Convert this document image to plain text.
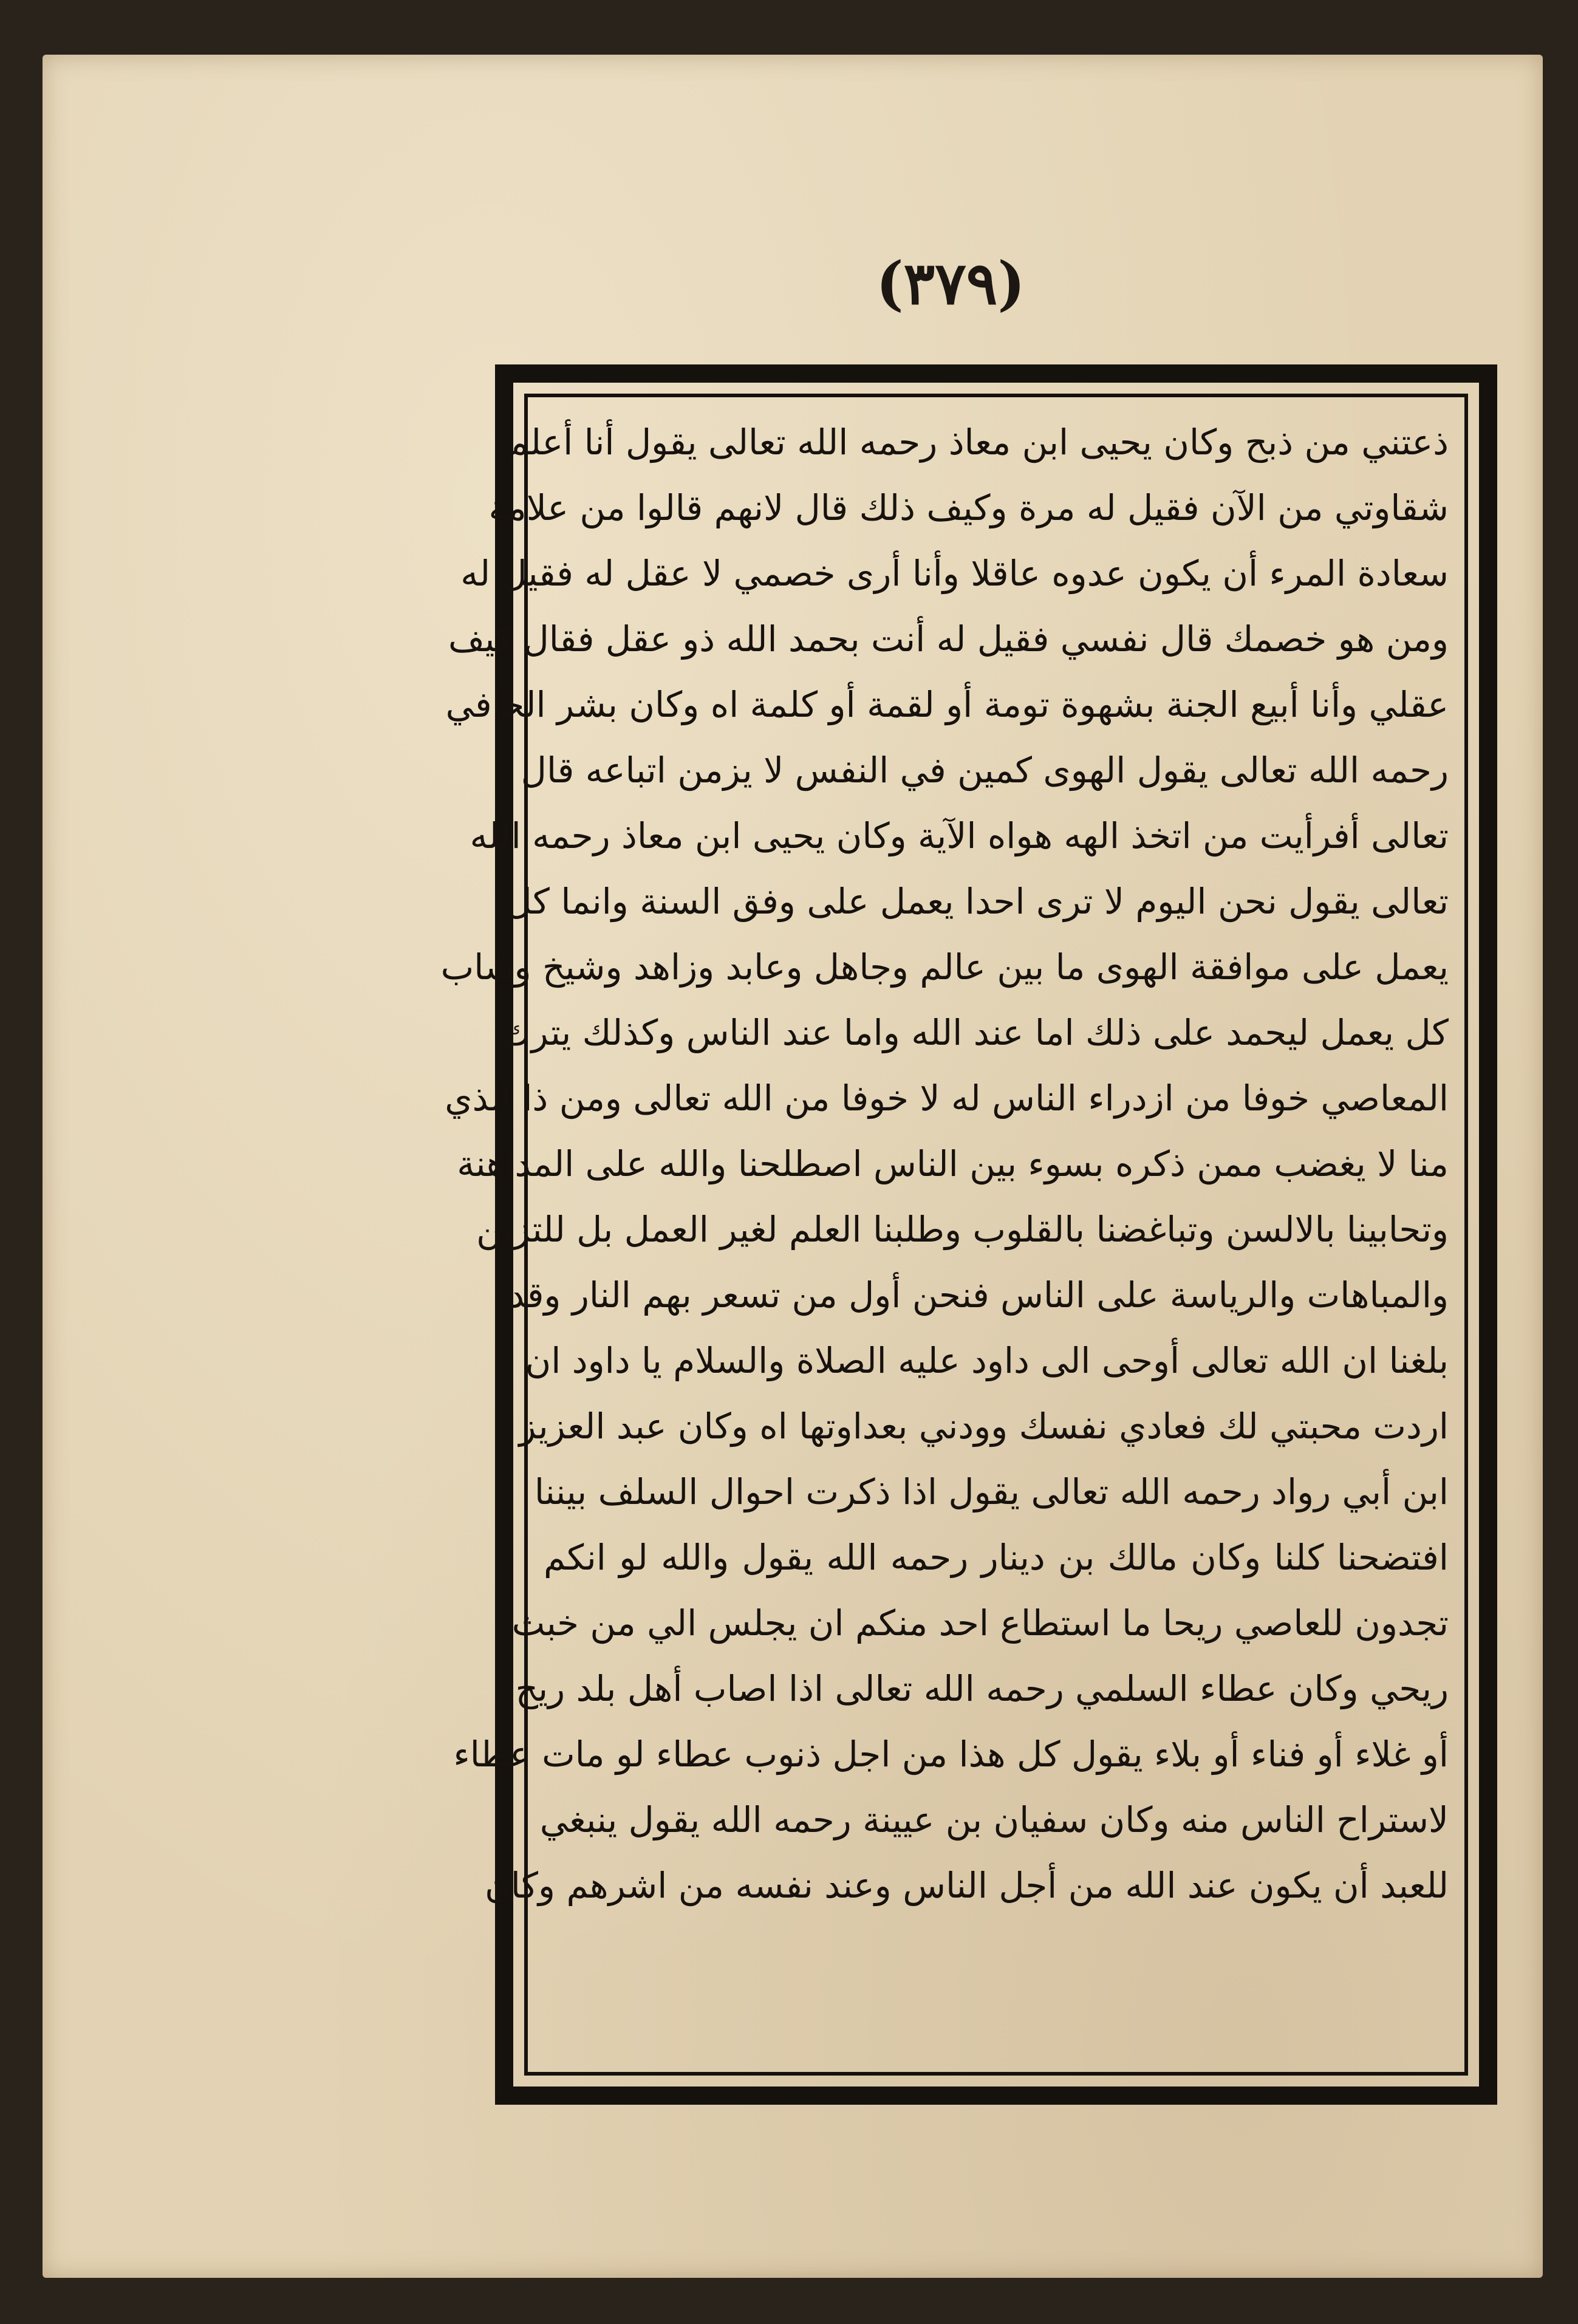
(٣٧٩)
ذعتني من ذبح وكان يحيى ابن معاذ رحمه الله تعالى يقول أنا أعلم
شقاوتي من الآن فقيل له مرة وكيف ذلك قال لانهم قالوا من علامة
سعادة المرء أن يكون عدوه عاقلا وأنا أرى خصمي لا عقل له فقيل له
ومن هو خصمك قال نفسي فقيل له أنت بحمد الله ذو عقل فقال كيف
عقلي وأنا أبيع الجنة بشهوة تومة أو لقمة أو كلمة اه وكان بشر الحافي
رحمه الله تعالى يقول الهوى كمين في النفس لا يزمن اتباعه قال
تعالى أفرأيت من اتخذ الهه هواه الآية وكان يحيى ابن معاذ رحمه الله
تعالى يقول نحن اليوم لا ترى احدا يعمل على وفق السنة وانما كل
يعمل على موافقة الهوى ما بين عالم وجاهل وعابد وزاهد وشيخ وشاب
كل يعمل ليحمد على ذلك اما عند الله واما عند الناس وكذلك يترك
المعاصي خوفا من ازدراء الناس له لا خوفا من الله تعالى ومن ذا الذي
منا لا يغضب ممن ذكره بسوء بين الناس اصطلحنا والله على المداهنة
وتحابينا بالالسن وتباغضنا بالقلوب وطلبنا العلم لغير العمل بل للتزين
والمباهات والرياسة على الناس فنحن أول من تسعر بهم النار وقد
بلغنا ان الله تعالى أوحى الى داود عليه الصلاة والسلام يا داود ان
اردت محبتي لك فعادي نفسك وودني بعداوتها اه وكان عبد العزيز
ابن أبي رواد رحمه الله تعالى يقول اذا ذكرت احوال السلف بيننا
افتضحنا كلنا وكان مالك بن دينار رحمه الله يقول والله لو انكم
تجدون للعاصي ريحا ما استطاع احد منكم ان يجلس الي من خبث
ريحي وكان عطاء السلمي رحمه الله تعالى اذا اصاب أهل بلد ريح
أو غلاء أو فناء أو بلاء يقول كل هذا من اجل ذنوب عطاء لو مات عطاء
لاستراح الناس منه وكان سفيان بن عيينة رحمه الله يقول ينبغي
للعبد أن يكون عند الله من أجل الناس وعند نفسه من اشرهم وكان
